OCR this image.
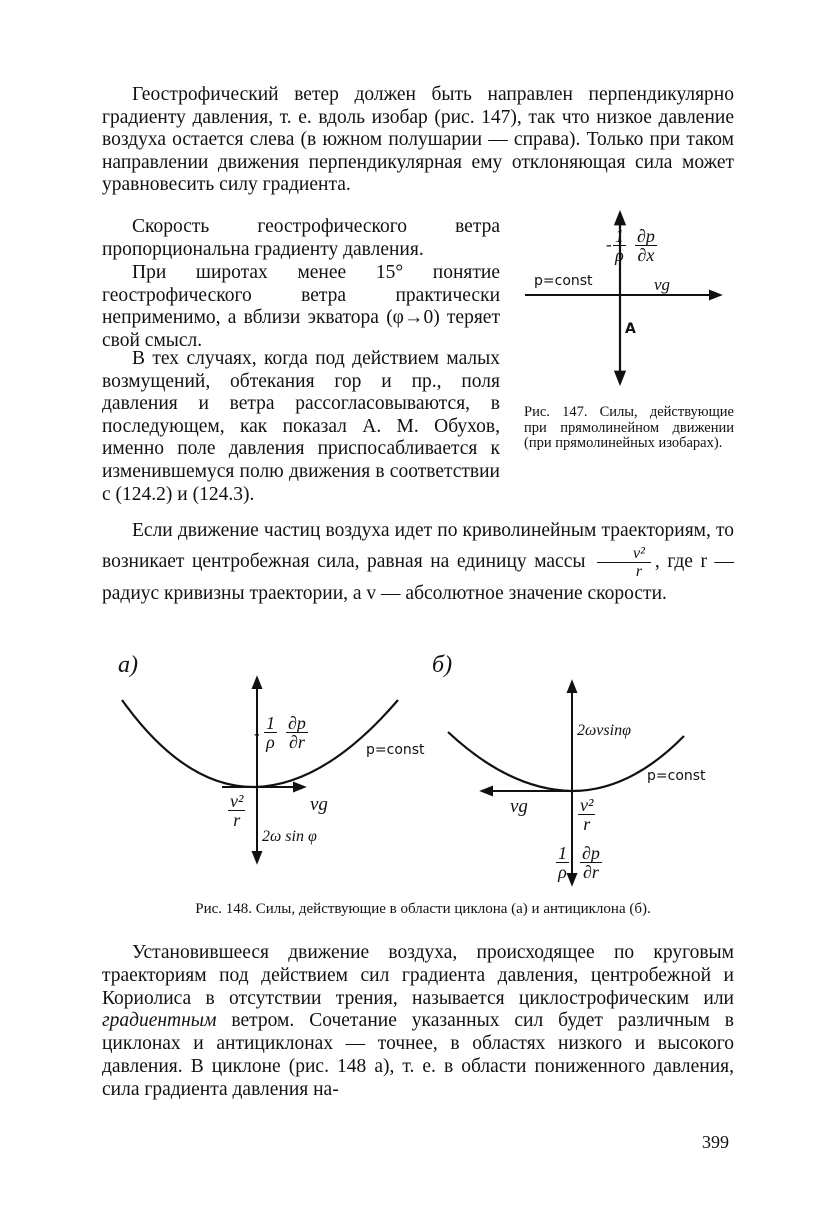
Геострофический ветер должен быть направлен перпендикулярно градиенту давления, т. е. вдоль изобар (рис. 147), так что низкое давление воздуха остается слева (в южном полушарии — справа). Только при таком направлении движения перпендикулярная ему отклоняющая сила может уравновесить силу градиента.

Скорость геострофического ветра пропорциональна градиенту давления.

При широтах менее 15° понятие геострофического ветра практически неприменимо, а вблизи экватора (φ→0) теряет свой смысл.

В тех случаях, когда под действием малых возмущений, обтекания гор и пр., поля давления и ветра рассогласовываются, в последующем, как показал А. М. Обухов, именно поле давления приспосабливается к изменившемуся полю движения в соответствии с (124.2) и (124.3).

- $\frac{1}{\rho} \frac{\partial p}{\partial x}$
p=const	vg
A

Рис. 147. Силы, действующие при прямолинейном движении (при прямолинейных изобарах).

Если движение частиц воздуха идет по криволинейным траекториям, то возникает центробежная сила, равная на единицу массы $\frac{\text{v²}}{r}$ , где r — радиус кривизны траектории, а v — абсолютное значение скорости.
а)	б)
- $\frac{1}{\rho} \frac{\partial p}{\partial r}$	p=const
$\frac{\text{v²}}{r}$	vg
2ω sin φ
2ωvsinφ
p=const
vg	$\frac{\text{v²}}{r}$
$\frac{1}{\rho} \frac{\partial p}{\partial r}$

Рис. 148. Силы, действующие в области циклона (а) и антициклона (б).

Установившееся движение воздуха, происходящее по круговым траекториям под действием сил градиента давления, центробежной и Кориолиса в отсутствии трения, называется циклострофическим или градиентным ветром. Сочетание указанных сил будет различным в циклонах и антициклонах — точнее, в областях низкого и высокого давления. В циклоне (рис. 148 а), т. е. в области пониженного давления, сила градиента давления на-
399
